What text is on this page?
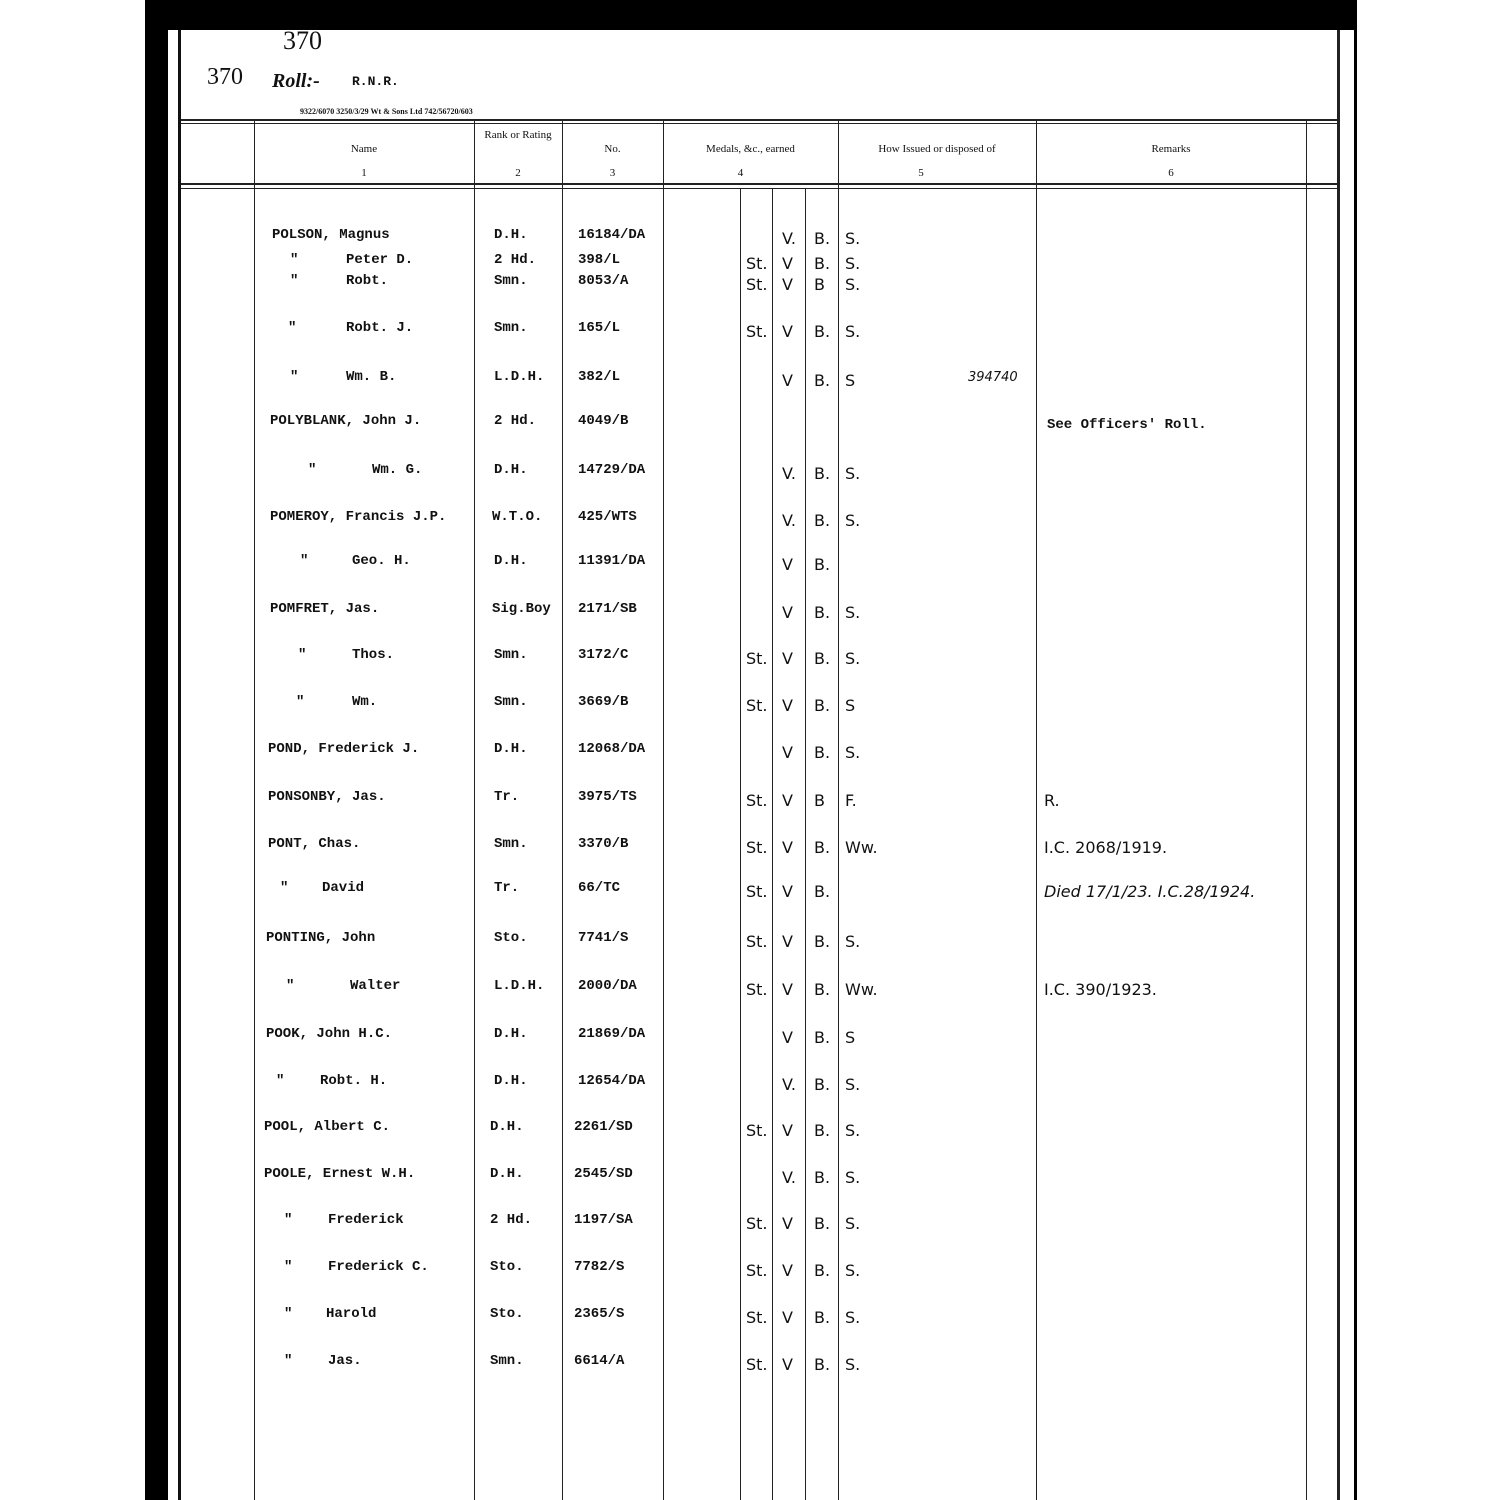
370
370 Roll:- R.N.R.
9322/6070 3250/3/29 Wt & Sons Ltd 742/56720/603
Name
1
Rank or Rating
2
No.
3
Medals, &c., earned
4
How Issued or disposed of
5
Remarks
6
POLSON, Magnus	D.H.	16184/DA	V. B. S.
"	Peter D.	2 Hd.	398/L	St. V B. S.
"	Robt.	Smn.	8053/A	St. V B S.
"	Robt. J.	Smn.	165/L	St. V B. S.
"	Wm. B.	L.D.H. 382/L	V B. S	394740
POLYBLANK, John J.	2 Hd.	4049/B	See Officers' Roll.
"	Wm. G.	D.H.	14729/DA	V. B. S.
POMEROY, Francis J.P.	W.T.O.	425/WTS	V. B. S.
"	Geo. H.	D.H.	11391/DA	V B.
POMFRET, Jas.	Sig.Boy 2171/SB	V B. S.
"	Thos.	Smn.	3172/C	St. V B. S.
"	Wm.	Smn.	3669/B	St. V B. S
POND, Frederick J.	D.H.	12068/DA	V B. S.
PONSONBY, Jas.	Tr.	3975/TS	St. V B F.	R.
PONT, Chas.	Smn.	3370/B	St. V B. Ww.	I.C. 2068/1919.
" David	Tr.	66/TC	St. V B.	Died 17/1/23. I.C.28/1924.
PONTING, John	Sto.	7741/S	St. V B. S.
"	Walter	L.D.H. 2000/DA	St. V B. Ww.	I.C. 390/1923.
POOK, John H.C.	D.H.	21869/DA	V B. S
"	Robt. H.	D.H.	12654/DA	V. B. S.
POOL, Albert C.	D.H.	2261/SD	St. V B. S.
POOLE, Ernest W.H.	D.H.	2545/SD	V. B. S.
"	Frederick	2 Hd.	1197/SA	St. V B. S.
"	Frederick C.	Sto.	7782/S	St. V B. S.
" Harold	Sto.	2365/S	St. V B. S.
"	Jas.	Smn.	6614/A	St. V B. S.
